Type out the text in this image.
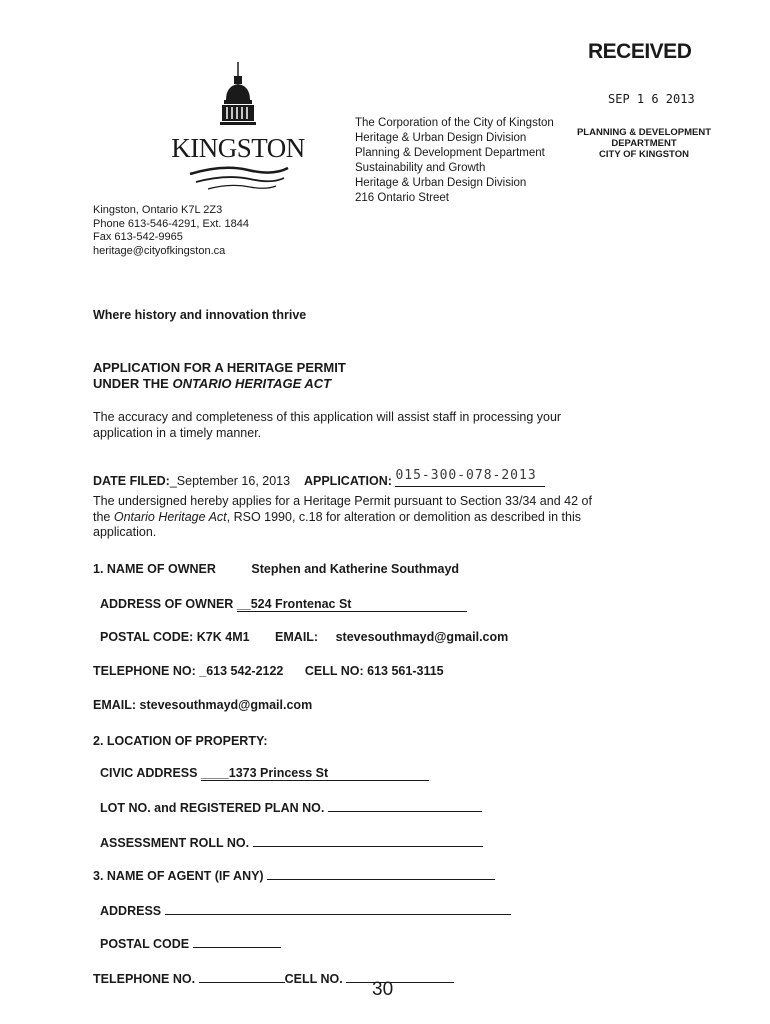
RECEIVED
SEP 1 6 2013
PLANNING & DEVELOPMENT
DEPARTMENT
CITY OF KINGSTON
KINGSTON
The Corporation of the City of Kingston
Heritage & Urban Design Division
Planning & Development Department
Sustainability and Growth
Heritage & Urban Design Division
216 Ontario Street
Kingston, Ontario K7L 2Z3
Phone 613-546-4291, Ext. 1844
Fax 613-542-9965
heritage@cityofkingston.ca
Where history and innovation thrive
APPLICATION FOR A HERITAGE PERMIT
UNDER THE ONTARIO HERITAGE ACT
The accuracy and completeness of this application will assist staff in processing your
application in a timely manner.
DATE FILED:_September 16, 2013 APPLICATION: 015-300-078-2013
The undersigned hereby applies for a Heritage Permit pursuant to Section 33/34 and 42 of
the Ontario Heritage Act, RSO 1990, c.18 for alteration or demolition as described in this
application.
1. NAME OF OWNER	Stephen and Katherine Southmayd
ADDRESS OF OWNER __524 Frontenac St
POSTAL CODE: K7K 4M1 EMAIL: stevesouthmayd@gmail.com
TELEPHONE NO: _613 542-2122 CELL NO: 613 561-3115
EMAIL: stevesouthmayd@gmail.com
2. LOCATION OF PROPERTY:
CIVIC ADDRESS ____1373 Princess St
LOT NO. and REGISTERED PLAN NO.
ASSESSMENT ROLL NO.
3. NAME OF AGENT (IF ANY)
ADDRESS
POSTAL CODE
TELEPHONE NO.	CELL NO.	30
